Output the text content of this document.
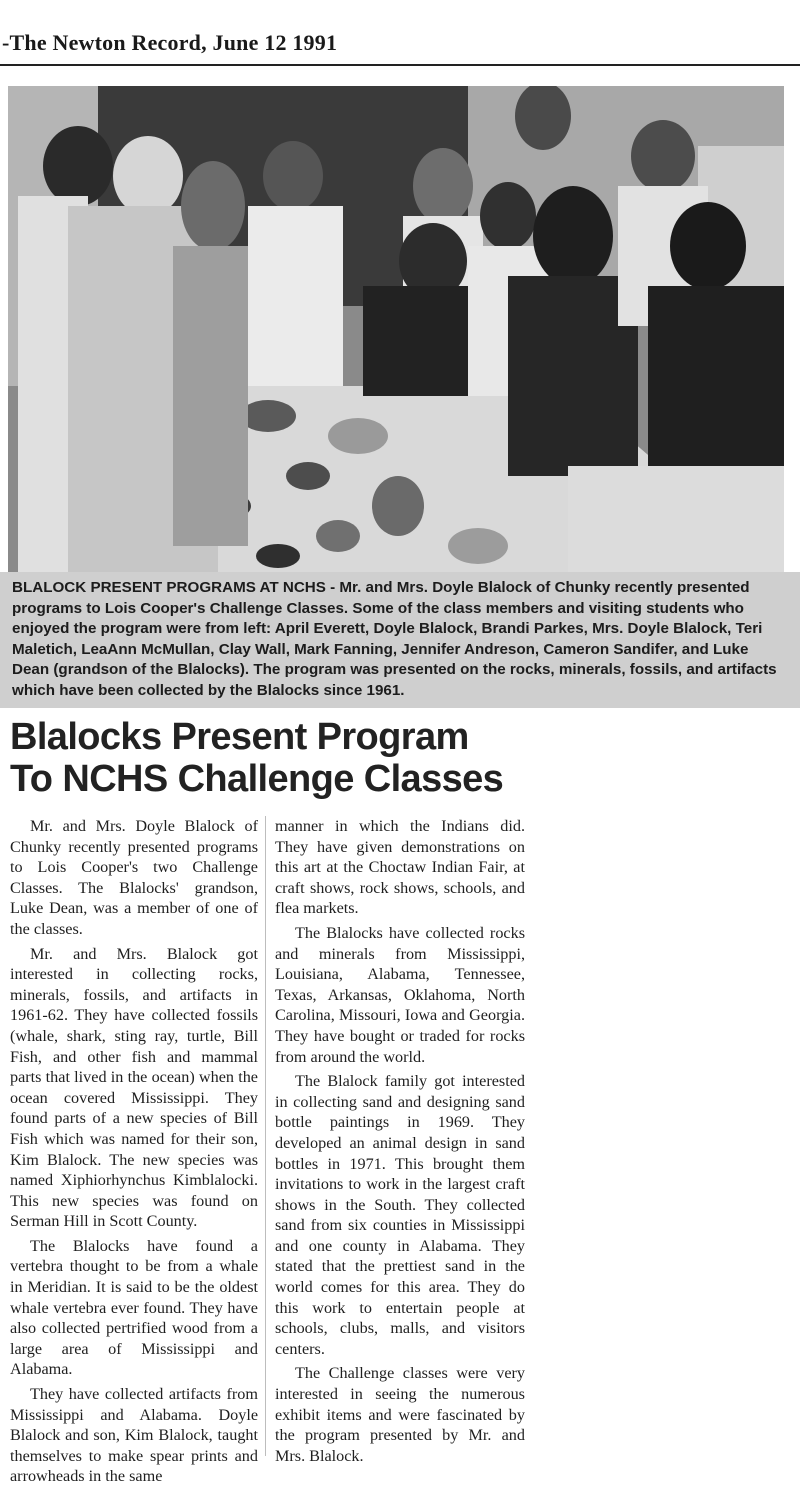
-The Newton Record, June 12 1991

BLALOCK PRESENT PROGRAMS AT NCHS - Mr. and Mrs. Doyle Blalock of Chunky recently presented programs to Lois Cooper's Challenge Classes. Some of the class members and visiting students who enjoyed the program were from left: April Everett, Doyle Blalock, Brandi Parkes, Mrs. Doyle Blalock, Teri Maletich, LeaAnn McMullan, Clay Wall, Mark Fanning, Jennifer Andreson, Cameron Sandifer, and Luke Dean (grandson of the Blalocks). The program was presented on the rocks, minerals, fossils, and artifacts which have been collected by the Blalocks since 1961.

Blalocks Present Program
To NCHS Challenge Classes

Mr. and Mrs. Doyle Blalock of Chunky recently presented programs to Lois Cooper's two Challenge Classes. The Blalocks' grandson, Luke Dean, was a member of one of the classes.

Mr. and Mrs. Blalock got interested in collecting rocks, minerals, fossils, and artifacts in 1961-62. They have collected fossils (whale, shark, sting ray, turtle, Bill Fish, and other fish and mammal parts that lived in the ocean) when the ocean covered Mississippi. They found parts of a new species of Bill Fish which was named for their son, Kim Blalock. The new species was named Xiphiorhynchus Kimblalocki. This new species was found on Serman Hill in Scott County.

The Blalocks have found a vertebra thought to be from a whale in Meridian. It is said to be the oldest whale vertebra ever found. They have also collected pertrified wood from a large area of Mississippi and Alabama.

They have collected artifacts from Mississippi and Alabama. Doyle Blalock and son, Kim Blalock, taught themselves to make spear prints and arrowheads in the same

manner in which the Indians did. They have given demonstrations on this art at the Choctaw Indian Fair, at craft shows, rock shows, schools, and flea markets.

The Blalocks have collected rocks and minerals from Mississippi, Louisiana, Alabama, Tennessee, Texas, Arkansas, Oklahoma, North Carolina, Missouri, Iowa and Georgia. They have bought or traded for rocks from around the world.

The Blalock family got interested in collecting sand and designing sand bottle paintings in 1969. They developed an animal design in sand bottles in 1971. This brought them invitations to work in the largest craft shows in the South. They collected sand from six counties in Mississippi and one county in Alabama. They stated that the prettiest sand in the world comes for this area. They do this work to entertain people at schools, clubs, malls, and visitors centers.

The Challenge classes were very interested in seeing the numerous exhibit items and were fascinated by the program presented by Mr. and Mrs. Blalock.
